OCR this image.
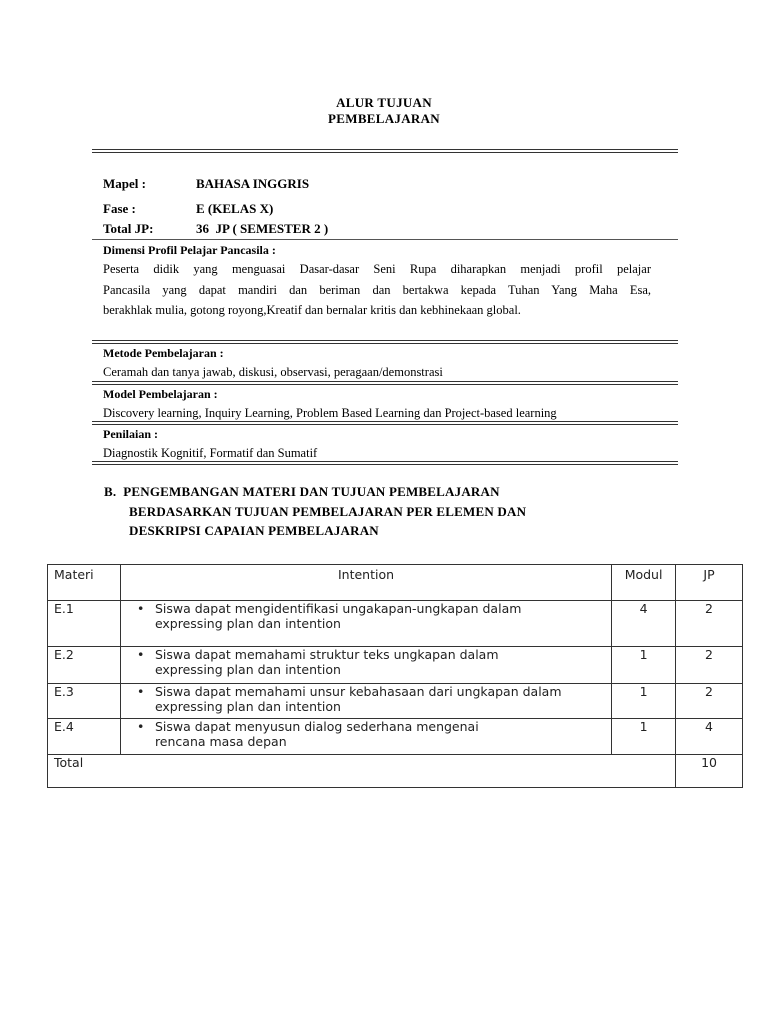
ALUR TUJUAN
PEMBELAJARAN
Mapel :	BAHASA INGGRIS
Fase :	E (KELAS X)
Total JP:	36  JP ( SEMESTER 2 )
Dimensi Profil Pelajar Pancasila :
Peserta didik yang menguasai Dasar-dasar Seni Rupa diharapkan menjadi profil pelajar
Pancasila yang dapat mandiri dan beriman dan bertakwa kepada Tuhan Yang Maha Esa,
berakhlak mulia, gotong royong,Kreatif dan bernalar kritis dan kebhinekaan global.
Metode Pembelajaran :
Ceramah dan tanya jawab, diskusi, observasi, peragaan/demonstrasi
Model Pembelajaran :
Discovery learning, Inquiry Learning, Problem Based Learning dan Project-based learning
Penilaian :
Diagnostik Kognitif, Formatif dan Sumatif
B.  PENGEMBANGAN MATERI DAN TUJUAN PEMBELAJARAN
BERDASARKAN TUJUAN PEMBELAJARAN PER ELEMEN DAN
DESKRIPSI CAPAIAN PEMBELAJARAN
Materi	Intention	Modul	JP
E.1	• Siswa dapat mengidentifikasi ungakapan-ungkapan dalam
expressing plan dan intention	4	2
E.2	• Siswa dapat memahami struktur teks ungkapan dalam
expressing plan dan intention	1	2
E.3	• Siswa dapat memahami unsur kebahasaan dari ungkapan dalam
expressing plan dan intention	1	2
E.4	• Siswa dapat menyusun dialog sederhana mengenai
rencana masa depan	1	4
Total			10
